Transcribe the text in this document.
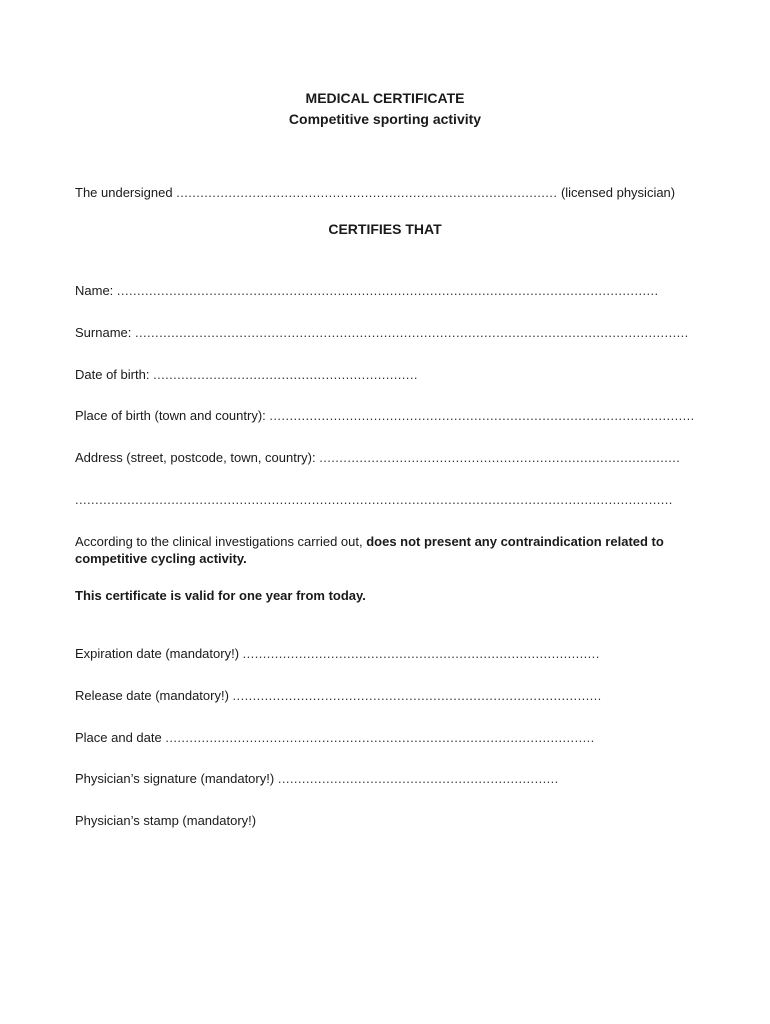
MEDICAL CERTIFICATE
Competitive sporting activity
The undersigned ............................................................................................... (licensed physician)
CERTIFIES THAT
Name: .......................................................................................................................................
Surname: ..........................................................................................................................................
Date of birth: ..................................................................
Place of birth (town and country): ..........................................................................................................
Address (street, postcode, town, country): ..........................................................................................
.....................................................................................................................................................
According to the clinical investigations carried out, does not present any contraindication related to competitive cycling activity.
This certificate is valid for one year from today.
Expiration date (mandatory!) .........................................................................................
Release date (mandatory!) ............................................................................................
Place and date ...........................................................................................................
Physician’s signature (mandatory!) ......................................................................
Physician’s stamp (mandatory!)
